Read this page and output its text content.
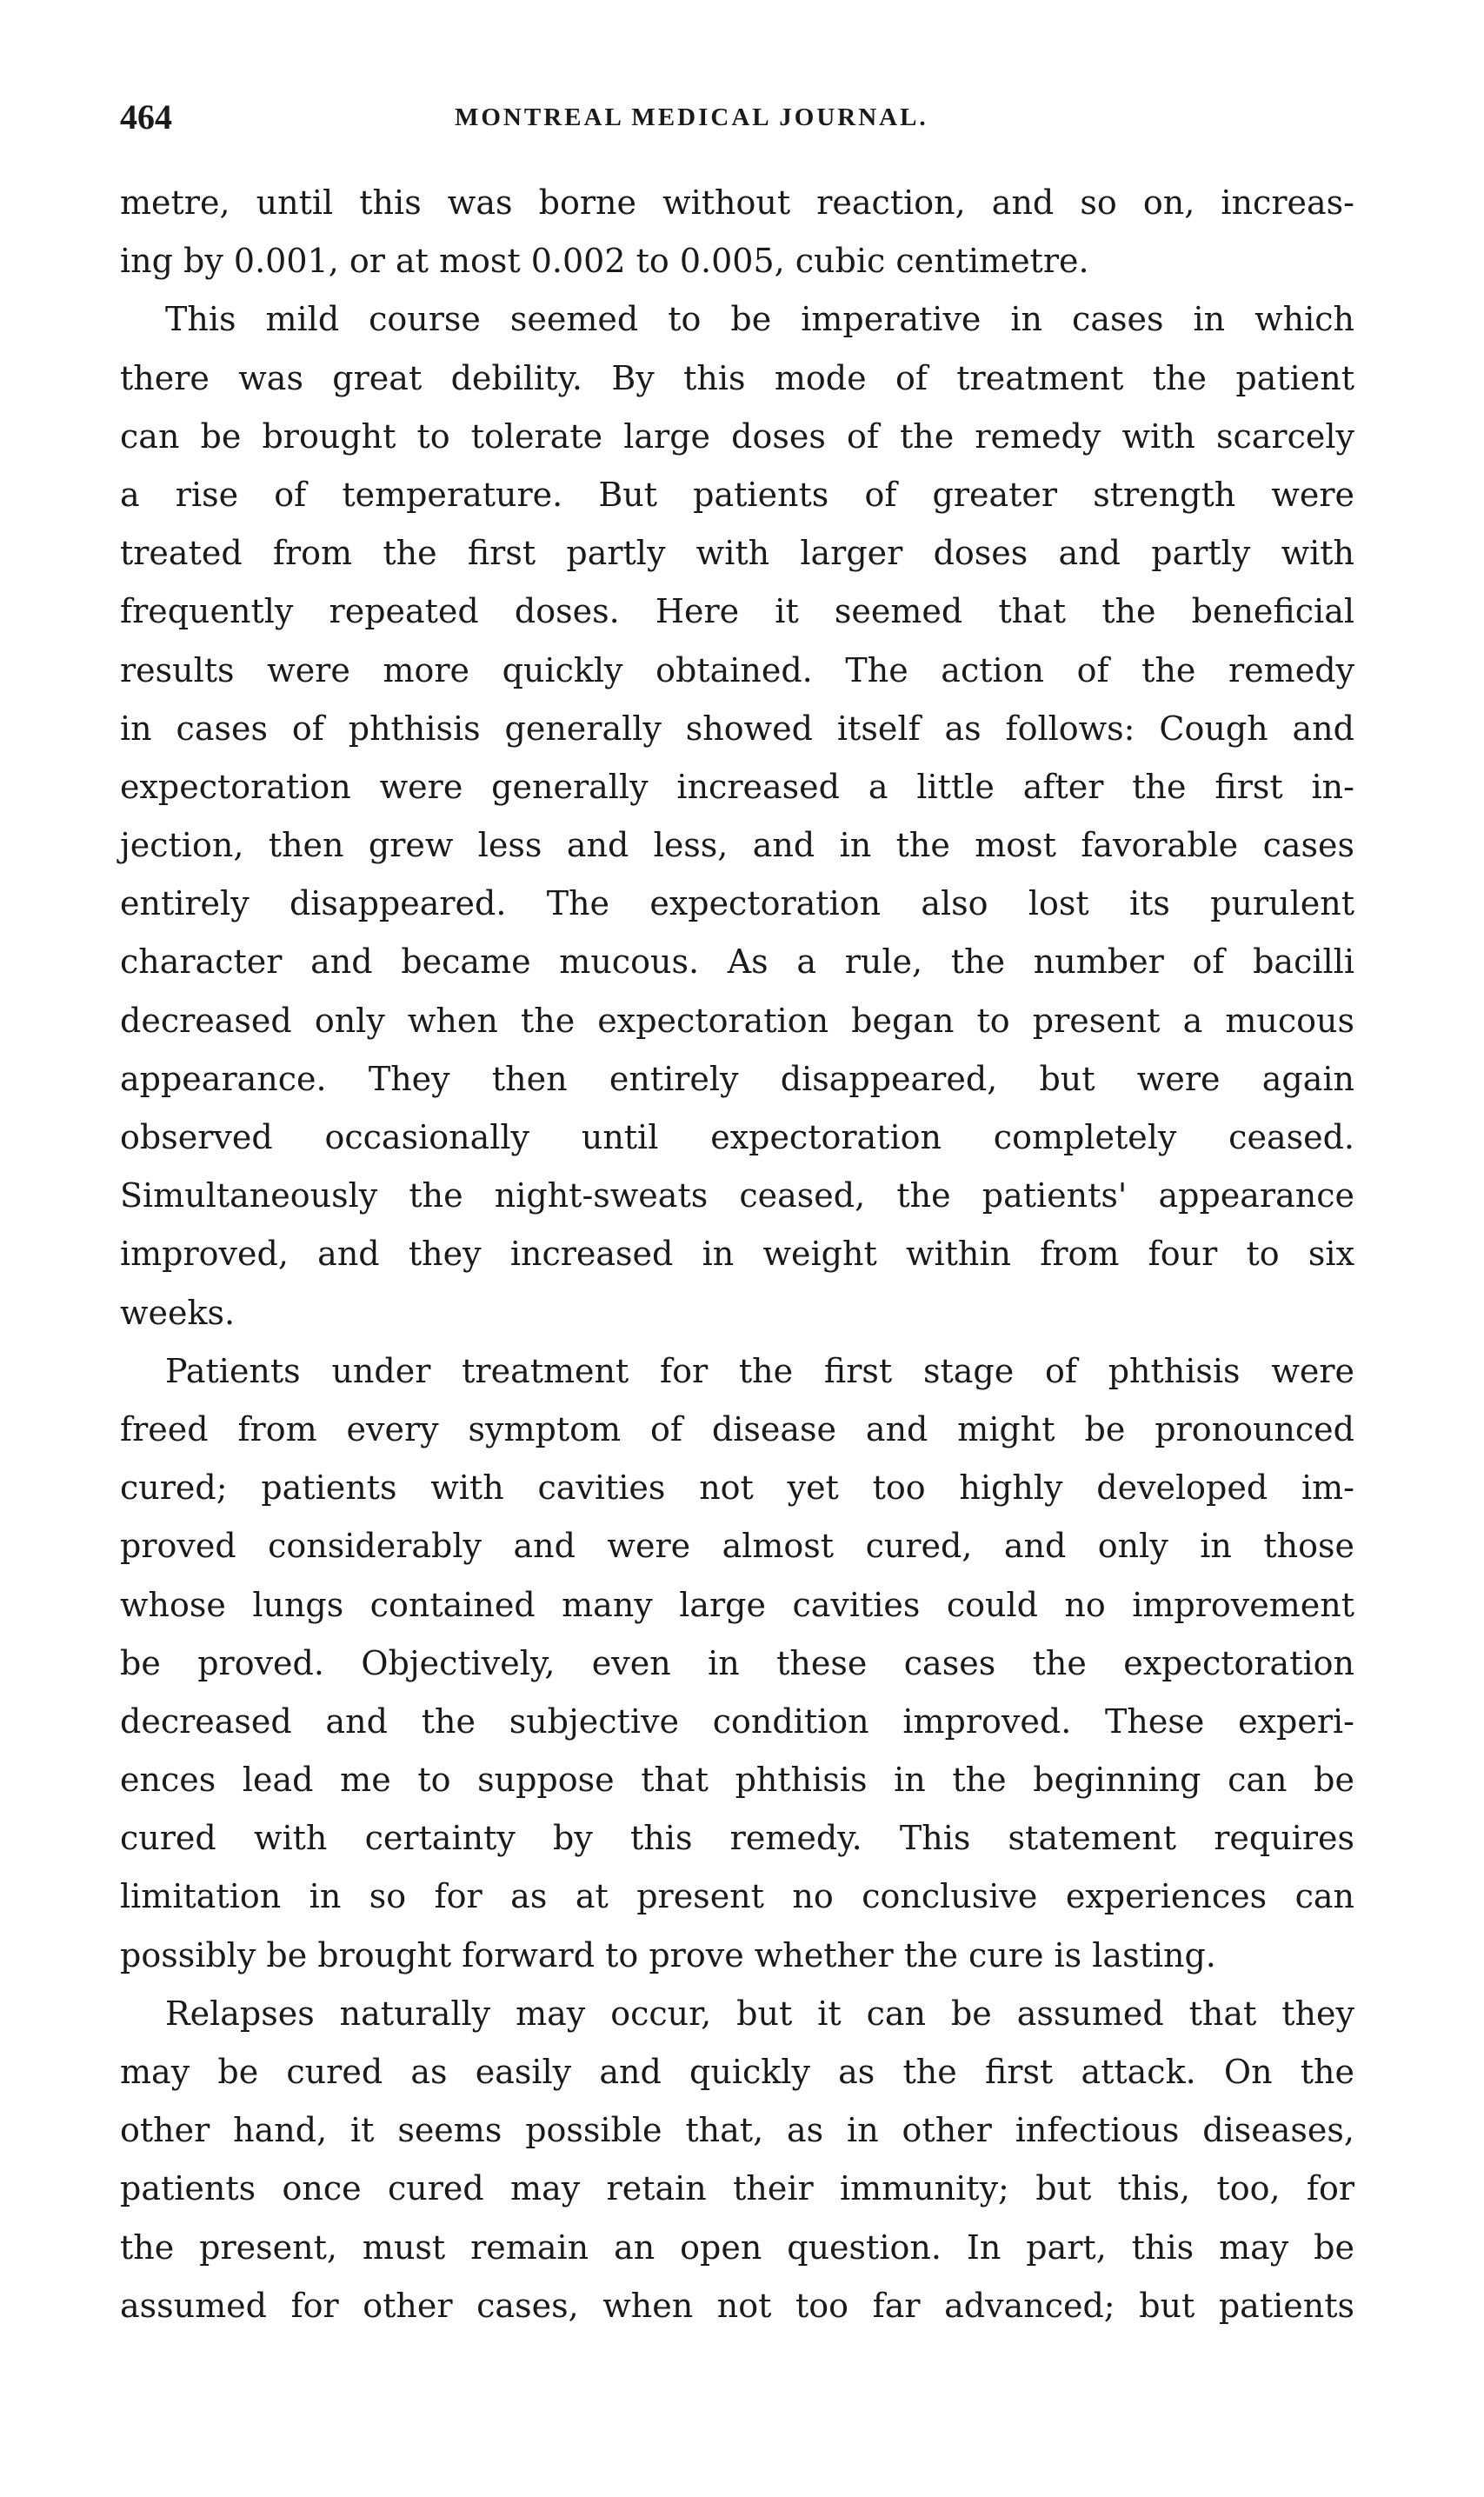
464	MONTREAL MEDICAL JOURNAL.
metre, until this was borne without reaction, and so on, increas-
ing by 0.001, or at most 0.002 to 0.005, cubic centimetre.
This mild course seemed to be imperative in cases in which
there was great debility. By this mode of treatment the patient
can be brought to tolerate large doses of the remedy with scarcely
a rise of temperature. But patients of greater strength were
treated from the first partly with larger doses and partly with
frequently repeated doses. Here it seemed that the beneficial
results were more quickly obtained. The action of the remedy
in cases of phthisis generally showed itself as follows: Cough and
expectoration were generally increased a little after the first in-
jection, then grew less and less, and in the most favorable cases
entirely disappeared. The expectoration also lost its purulent
character and became mucous. As a rule, the number of bacilli
decreased only when the expectoration began to present a mucous
appearance. They then entirely disappeared, but were again
observed occasionally until expectoration completely ceased.
Simultaneously the night-sweats ceased, the patients' appearance
improved, and they increased in weight within from four to six
weeks.
Patients under treatment for the first stage of phthisis were
freed from every symptom of disease and might be pronounced
cured; patients with cavities not yet too highly developed im-
proved considerably and were almost cured, and only in those
whose lungs contained many large cavities could no improvement
be proved. Objectively, even in these cases the expectoration
decreased and the subjective condition improved. These experi-
ences lead me to suppose that phthisis in the beginning can be
cured with certainty by this remedy. This statement requires
limitation in so for as at present no conclusive experiences can
possibly be brought forward to prove whether the cure is lasting.
Relapses naturally may occur, but it can be assumed that they
may be cured as easily and quickly as the first attack. On the
other hand, it seems possible that, as in other infectious diseases,
patients once cured may retain their immunity; but this, too, for
the present, must remain an open question. In part, this may be
assumed for other cases, when not too far advanced; but patients
